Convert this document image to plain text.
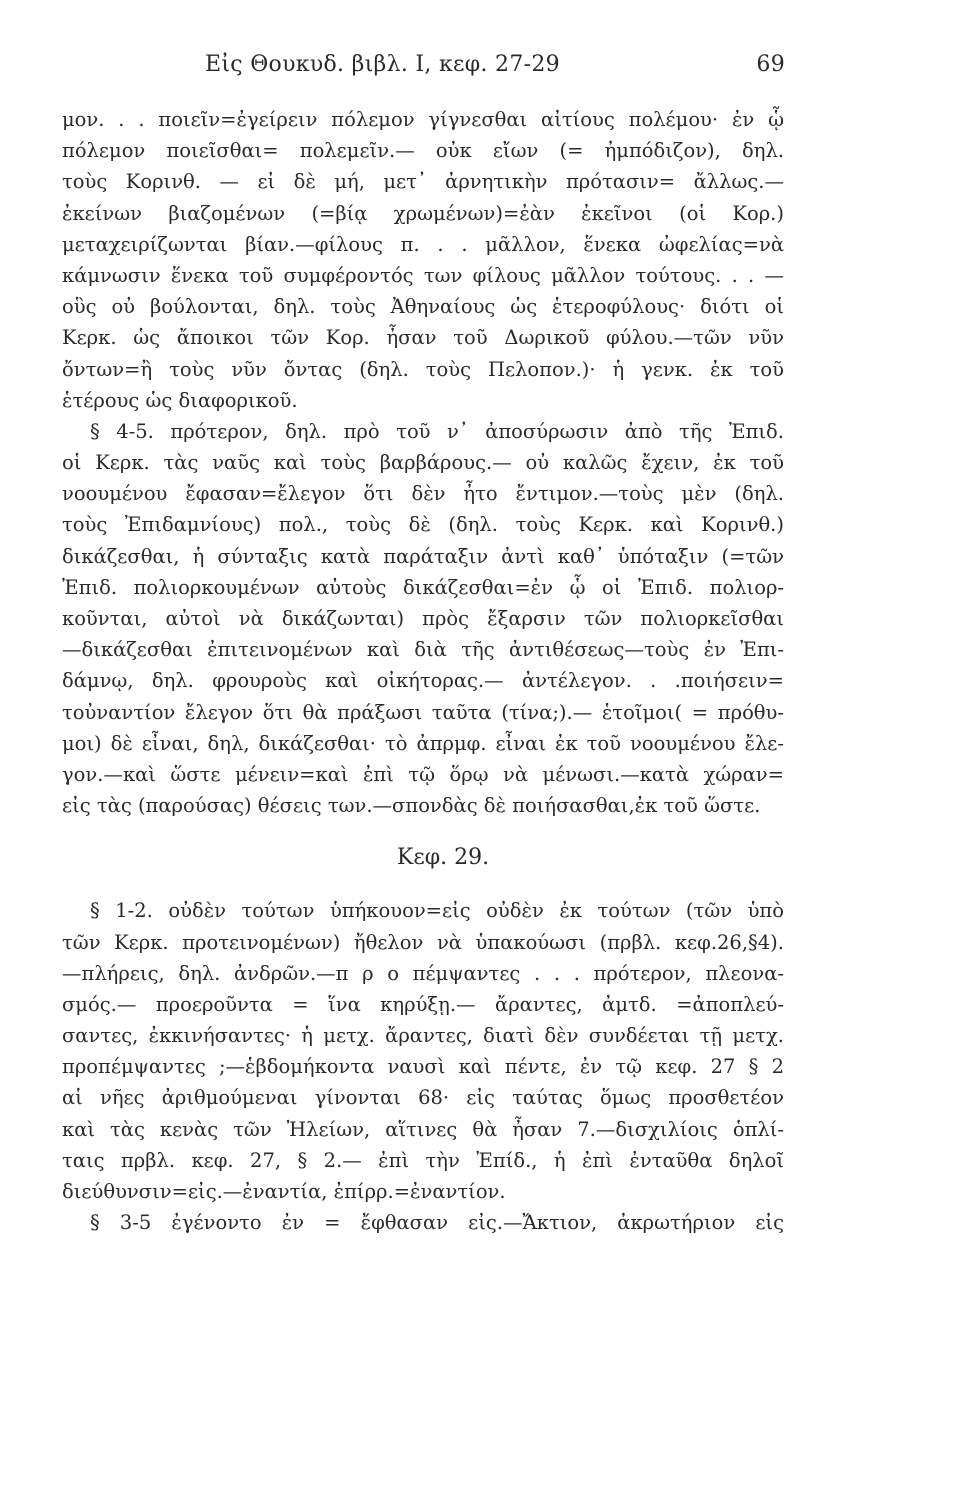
Εἰς Θουκυδ. βιβλ. Ι, κεφ. 27-29	69
μον. . . ποιεῖν=ἐγείρειν πόλεμον γίγνεσθαι αἰτίους πολέμου· ἐν ᾧ
πόλεμον ποιεῖσθαι= πολεμεῖν.— οὐκ εἴων (= ἠμπόδιζον), δηλ.
τοὺς Κορινθ. — εἰ δὲ μή, μετ᾽ ἀρνητικὴν πρότασιν= ἄλλως.—
ἐκείνων βιαζομένων (=βίᾳ χρωμένων)=ἐὰν ἐκεῖνοι (οἱ Κορ.)
μεταχειρίζωνται βίαν.—φίλους π. . . μᾶλλον, ἕνεκα ὠφελίας=νὰ
κάμνωσιν ἕνεκα τοῦ συμφέροντός των φίλους μᾶλλον τούτους. . . —
οὓς οὐ βούλονται, δηλ. τοὺς Ἀθηναίους ὡς ἑτεροφύλους· διότι οἱ
Κερκ. ὡς ἄποικοι τῶν Κορ. ἦσαν τοῦ Δωρικοῦ φύλου.—τῶν νῦν
ὄντων=ἢ τοὺς νῦν ὄντας (δηλ. τοὺς Πελοπον.)· ἡ γενκ. ἐκ τοῦ
ἑτέρους ὡς διαφορικοῦ.
§ 4-5. πρότερον, δηλ. πρὸ τοῦ ν᾽ ἀποσύρωσιν ἀπὸ τῆς Ἐπιδ.
οἱ Κερκ. τὰς ναῦς καὶ τοὺς βαρβάρους.— οὐ καλῶς ἔχειν, ἐκ τοῦ
νοουμένου ἔφασαν=ἔλεγον ὅτι δὲν ἦτο ἔντιμον.—τοὺς μὲν (δηλ.
τοὺς Ἐπιδαμνίους) πολ., τοὺς δὲ (δηλ. τοὺς Κερκ. καὶ Κορινθ.)
δικάζεσθαι, ἡ σύνταξις κατὰ παράταξιν ἀντὶ καθ᾽ ὑπόταξιν (=τῶν
Ἐπιδ. πολιορκουμένων αὐτοὺς δικάζεσθαι=ἐν ᾧ οἱ Ἐπιδ. πολιορ-
κοῦνται, αὐτοὶ νὰ δικάζωνται) πρὸς ἔξαρσιν τῶν πολιορκεῖσθαι
—δικάζεσθαι ἐπιτεινομένων καὶ διὰ τῆς ἀντιθέσεως—τοὺς ἐν Ἐπι-
δάμνῳ, δηλ. φρουροὺς καὶ οἰκήτορας.— ἀντέλεγον. . .ποιήσειν=
τοὐναντίον ἔλεγον ὅτι θὰ πράξωσι ταῦτα (τίνα;).— ἑτοῖμοι( = πρόθυ-
μοι) δὲ εἶναι, δηλ, δικάζεσθαι· τὸ ἀπρμφ. εἶναι ἐκ τοῦ νοουμένου ἔλε-
γον.—καὶ ὥστε μένειν=καὶ ἐπὶ τῷ ὅρῳ νὰ μένωσι.—κατὰ χώραν=
εἰς τὰς (παρούσας) θέσεις των.—σπονδὰς δὲ ποιήσασθαι,ἐκ τοῦ ὥστε.
Κεφ. 29.
§ 1-2. οὐδὲν τούτων ὑπήκουον=εἰς οὐδὲν ἐκ τούτων (τῶν ὑπὸ
τῶν Κερκ. προτεινομένων) ἤθελον νὰ ὑπακούωσι (πρβλ. κεφ.26,§4).
—πλήρεις, δηλ. ἀνδρῶν.—π ρ ο πέμψαντες . . . πρότερον, πλεονα-
σμός.— προεροῦντα = ἵνα κηρύξῃ.— ἄραντες, ἀμτδ. =ἀποπλεύ-
σαντες, ἐκκινήσαντες· ἡ μετχ. ἄραντες, διατὶ δὲν συνδέεται τῇ μετχ.
προπέμψαντες ;—ἑβδομήκοντα ναυσὶ καὶ πέντε, ἐν τῷ κεφ. 27 § 2
αἱ νῆες ἀριθμούμεναι γίνονται 68· εἰς ταύτας ὅμως προσθετέον
καὶ τὰς κενὰς τῶν Ἠλείων, αἵτινες θὰ ἦσαν 7.—δισχιλίοις ὁπλί-
ταις πρβλ. κεφ. 27, § 2.— ἐπὶ τὴν Ἐπίδ., ἡ ἐπὶ ἐνταῦθα δηλοῖ
διεύθυνσιν=εἰς.—ἐναντία, ἐπίρρ.=ἐναντίον.
§ 3-5 ἐγένοντο ἐν = ἔφθασαν εἰς.—Ἄκτιον, ἀκρωτήριον εἰς
